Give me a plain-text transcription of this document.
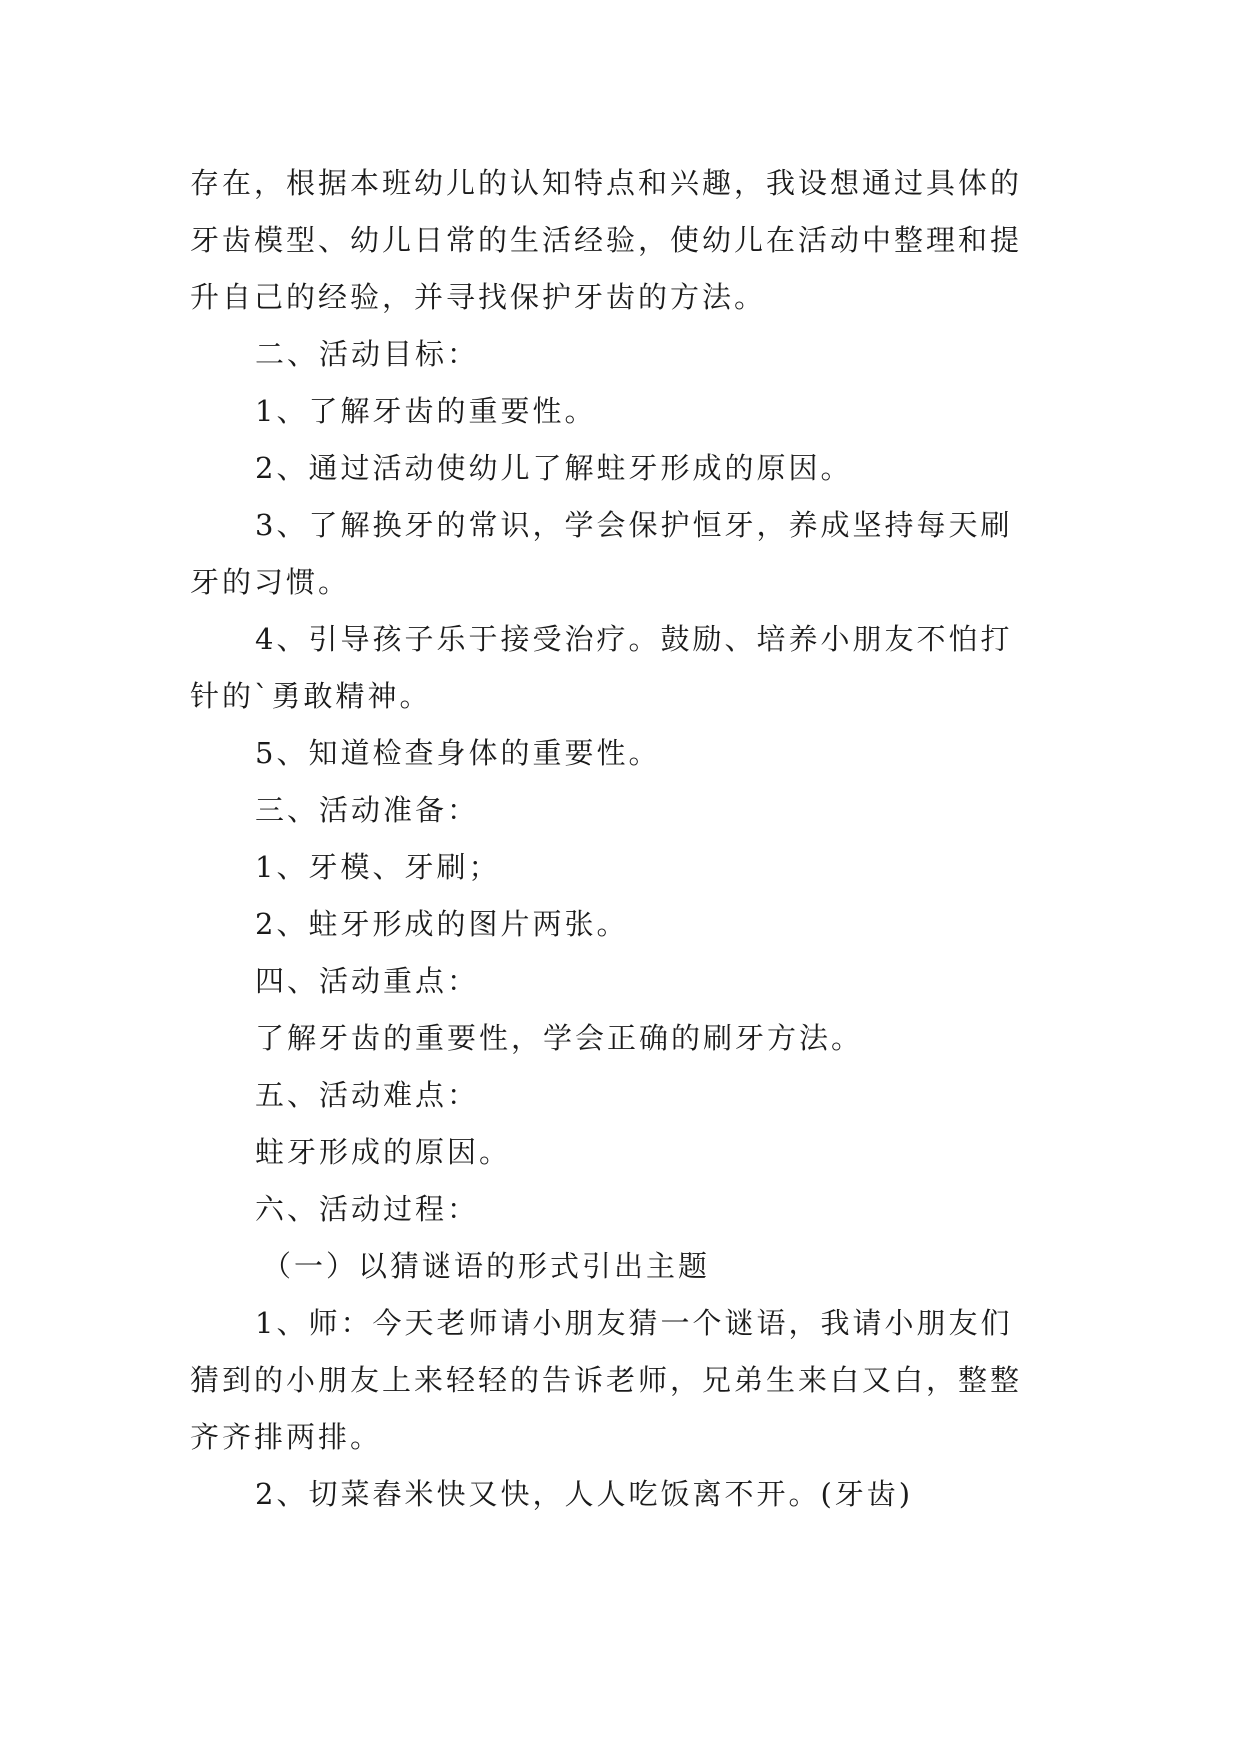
存在，根据本班幼儿的认知特点和兴趣，我设想通过具体的
牙齿模型、幼儿日常的生活经验，使幼儿在活动中整理和提
升自己的经验，并寻找保护牙齿的方法。
二、活动目标：
1、了解牙齿的重要性。
2、通过活动使幼儿了解蛀牙形成的原因。
3、了解换牙的常识，学会保护恒牙，养成坚持每天刷
牙的习惯。
4、引导孩子乐于接受治疗。鼓励、培养小朋友不怕打
针的`勇敢精神。
5、知道检查身体的重要性。
三、活动准备：
1、牙模、牙刷；
2、蛀牙形成的图片两张。
四、活动重点：
了解牙齿的重要性，学会正确的刷牙方法。
五、活动难点：
蛀牙形成的原因。
六、活动过程：
（一）以猜谜语的形式引出主题
1、师：今天老师请小朋友猜一个谜语，我请小朋友们
猜到的小朋友上来轻轻的告诉老师，兄弟生来白又白，整整
齐齐排两排。
2、切菜舂米快又快，人人吃饭离不开。(牙齿)
